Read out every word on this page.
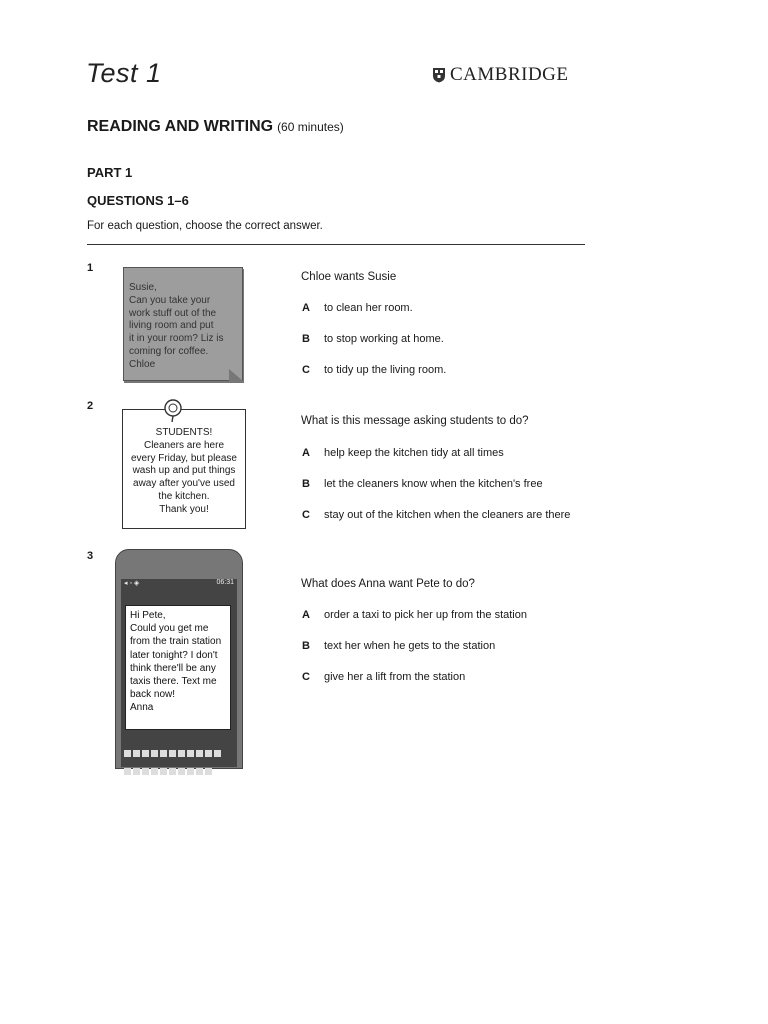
Test 1	CAMBRIDGE
READING AND WRITING (60 minutes)
PART 1
QUESTIONS 1–6
For each question, choose the correct answer.
1
Susie,
Can you take your
work stuff out of the
living room and put
it in your room? Liz is
coming for coffee.
Chloe
Chloe wants Susie
A	to clean her room.
B	to stop working at home.
C	to tidy up the living room.
2
STUDENTS!
Cleaners are here
every Friday, but please
wash up and put things
away after you've used
the kitchen.
Thank you!
What is this message asking students to do?
A	help keep the kitchen tidy at all times
B	let the cleaners know when the kitchen's free
C	stay out of the kitchen when the cleaners are there
3
◂ ◦ ◈	06:31
Hi Pete,
Could you get me
from the train station
later tonight? I don't
think there'll be any
taxis there. Text me
back now!
Anna

What does Anna want Pete to do?
A	order a taxi to pick her up from the station
B	text her when he gets to the station
C	give her a lift from the station
